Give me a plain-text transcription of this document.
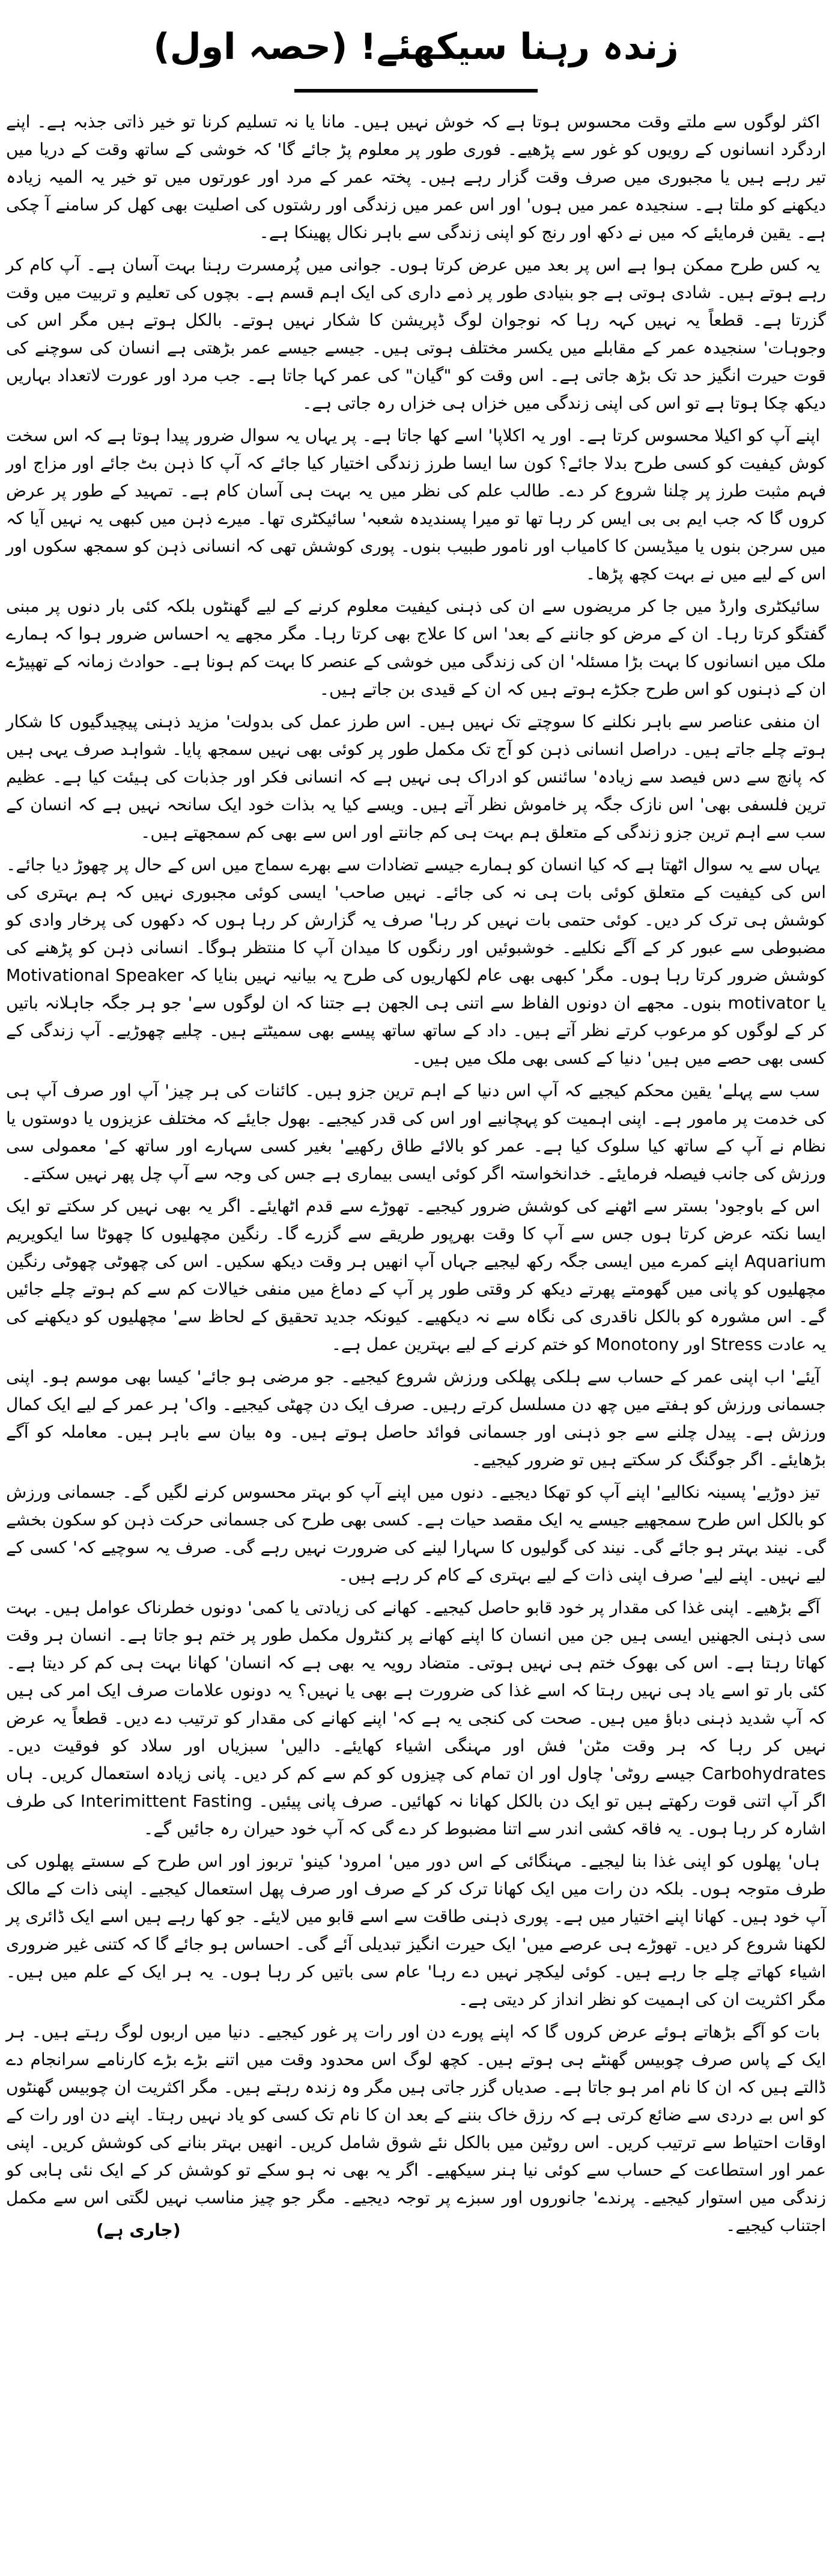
زندہ رہنا سیکھئے! (حصہ اول)

اکثر لوگوں سے ملتے وقت محسوس ہوتا ہے کہ خوش نہیں ہیں۔ مانا یا نہ تسلیم کرنا تو خیر ذاتی جذبہ ہے۔ اپنے اردگرد انسانوں کے رویوں کو غور سے پڑھیے۔ فوری طور پر معلوم پڑ جائے گا' کہ خوشی کے ساتھ وقت کے دریا میں تیر رہے ہیں یا مجبوری میں صرف وقت گزار رہے ہیں۔ پختہ عمر کے مرد اور عورتوں میں تو خیر یہ المیہ زیادہ دیکھنے کو ملتا ہے۔ سنجیدہ عمر میں ہوں' اور اس عمر میں زندگی اور رشتوں کی اصلیت بھی کھل کر سامنے آ چکی ہے۔ یقین فرمایئے کہ میں نے دکھ اور رنج کو اپنی زندگی سے باہر نکال پھینکا ہے۔

یہ کس طرح ممکن ہوا ہے اس پر بعد میں عرض کرتا ہوں۔ جوانی میں پُرمسرت رہنا بہت آسان ہے۔ آپ کام کر رہے ہوتے ہیں۔ شادی ہوتی ہے جو بنیادی طور پر ذمے داری کی ایک اہم قسم ہے۔ بچوں کی تعلیم و تربیت میں وقت گزرتا ہے۔ قطعاً یہ نہیں کہہ رہا کہ نوجوان لوگ ڈپریشن کا شکار نہیں ہوتے۔ بالکل ہوتے ہیں مگر اس کی وجوہات' سنجیدہ عمر کے مقابلے میں یکسر مختلف ہوتی ہیں۔ جیسے جیسے عمر بڑھتی ہے انسان کی سوچنے کی قوت حیرت انگیز حد تک بڑھ جاتی ہے۔ اس وقت کو "گیان" کی عمر کہا جاتا ہے۔ جب مرد اور عورت لاتعداد بہاریں دیکھ چکا ہوتا ہے تو اس کی اپنی زندگی میں خزاں ہی خزاں رہ جاتی ہے۔

اپنے آپ کو اکیلا محسوس کرتا ہے۔ اور یہ اکلاپا' اسے کھا جاتا ہے۔ پر یہاں یہ سوال ضرور پیدا ہوتا ہے کہ اس سخت کوش کیفیت کو کسی طرح بدلا جائے؟ کون سا ایسا طرز زندگی اختیار کیا جائے کہ آپ کا ذہن بٹ جائے اور مزاج اور فہم مثبت طرز پر چلنا شروع کر دے۔ طالب علم کی نظر میں یہ بہت ہی آسان کام ہے۔ تمہید کے طور پر عرض کروں گا کہ جب ایم بی بی ایس کر رہا تھا تو میرا پسندیدہ شعبہ' سائیکٹری تھا۔ میرے ذہن میں کبھی یہ نہیں آیا کہ میں سرجن بنوں یا میڈیسن کا کامیاب اور نامور طبیب بنوں۔ پوری کوشش تھی کہ انسانی ذہن کو سمجھ سکوں اور اس کے لیے میں نے بہت کچھ پڑھا۔

سائیکٹری وارڈ میں جا کر مریضوں سے ان کی ذہنی کیفیت معلوم کرنے کے لیے گھنٹوں بلکہ کئی بار دنوں پر مبنی گفتگو کرتا رہا۔ ان کے مرض کو جاننے کے بعد' اس کا علاج بھی کرتا رہا۔ مگر مجھے یہ احساس ضرور ہوا کہ ہمارے ملک میں انسانوں کا بہت بڑا مسئلہ' ان کی زندگی میں خوشی کے عنصر کا بہت کم ہونا ہے۔ حوادث زمانہ کے تھپیڑے ان کے ذہنوں کو اس طرح جکڑے ہوتے ہیں کہ ان کے قیدی بن جاتے ہیں۔

ان منفی عناصر سے باہر نکلنے کا سوچتے تک نہیں ہیں۔ اس طرز عمل کی بدولت' مزید ذہنی پیچیدگیوں کا شکار ہوتے چلے جاتے ہیں۔ دراصل انسانی ذہن کو آج تک مکمل طور پر کوئی بھی نہیں سمجھ پایا۔ شواہد صرف یہی ہیں کہ پانچ سے دس فیصد سے زیادہ' سائنس کو ادراک ہی نہیں ہے کہ انسانی فکر اور جذبات کی ہیئت کیا ہے۔ عظیم ترین فلسفی بھی' اس نازک جگہ پر خاموش نظر آتے ہیں۔ ویسے کیا یہ بذات خود ایک سانحہ نہیں ہے کہ انسان کے سب سے اہم ترین جزو زندگی کے متعلق ہم بہت ہی کم جانتے اور اس سے بھی کم سمجھتے ہیں۔

یہاں سے یہ سوال اٹھتا ہے کہ کیا انسان کو ہمارے جیسے تضادات سے بھرے سماج میں اس کے حال پر چھوڑ دیا جائے۔ اس کی کیفیت کے متعلق کوئی بات ہی نہ کی جائے۔ نہیں صاحب' ایسی کوئی مجبوری نہیں کہ ہم بہتری کی کوشش ہی ترک کر دیں۔ کوئی حتمی بات نہیں کر رہا' صرف یہ گزارش کر رہا ہوں کہ دکھوں کی پرخار وادی کو مضبوطی سے عبور کر کے آگے نکلیے۔ خوشبوئیں اور رنگوں کا میدان آپ کا منتظر ہوگا۔ انسانی ذہن کو پڑھنے کی کوشش ضرور کرتا رہا ہوں۔ مگر' کبھی بھی عام لکھاریوں کی طرح یہ بیانیہ نہیں بنایا کہ Motivational Speaker یا motivator بنوں۔ مجھے ان دونوں الفاظ سے اتنی ہی الجھن ہے جتنا کہ ان لوگوں سے' جو ہر جگہ جاہلانہ باتیں کر کے لوگوں کو مرعوب کرتے نظر آتے ہیں۔ داد کے ساتھ ساتھ پیسے بھی سمیٹتے ہیں۔ چلیے چھوڑیے۔ آپ زندگی کے کسی بھی حصے میں ہیں' دنیا کے کسی بھی ملک میں ہیں۔

سب سے پہلے' یقین محکم کیجیے کہ آپ اس دنیا کے اہم ترین جزو ہیں۔ کائنات کی ہر چیز' آپ اور صرف آپ ہی کی خدمت پر مامور ہے۔ اپنی اہمیت کو پہچانیے اور اس کی قدر کیجیے۔ بھول جایئے کہ مختلف عزیزوں یا دوستوں یا نظام نے آپ کے ساتھ کیا سلوک کیا ہے۔ عمر کو بالائے طاق رکھیے' بغیر کسی سہارے اور ساتھ کے' معمولی سی ورزش کی جانب فیصلہ فرمایئے۔ خدانخواستہ اگر کوئی ایسی بیماری ہے جس کی وجہ سے آپ چل پھر نہیں سکتے۔

اس کے باوجود' بستر سے اٹھنے کی کوشش ضرور کیجیے۔ تھوڑے سے قدم اٹھایئے۔ اگر یہ بھی نہیں کر سکتے تو ایک ایسا نکتہ عرض کرتا ہوں جس سے آپ کا وقت بھرپور طریقے سے گزرے گا۔ رنگین مچھلیوں کا چھوٹا سا ایکویریم Aquarium اپنے کمرے میں ایسی جگہ رکھ لیجیے جہاں آپ انھیں ہر وقت دیکھ سکیں۔ اس کی چھوٹی چھوٹی رنگین مچھلیوں کو پانی میں گھومتے پھرتے دیکھ کر وقتی طور پر آپ کے دماغ میں منفی خیالات کم سے کم ہوتے چلے جائیں گے۔ اس مشورہ کو بالکل ناقدری کی نگاہ سے نہ دیکھیے۔ کیونکہ جدید تحقیق کے لحاظ سے' مچھلیوں کو دیکھنے کی یہ عادت Stress اور Monotony کو ختم کرنے کے لیے بہترین عمل ہے۔

آیئے' اب اپنی عمر کے حساب سے ہلکی پھلکی ورزش شروع کیجیے۔ جو مرضی ہو جائے' کیسا بھی موسم ہو۔ اپنی جسمانی ورزش کو ہفتے میں چھ دن مسلسل کرتے رہیں۔ صرف ایک دن چھٹی کیجیے۔ واک' ہر عمر کے لیے ایک کمال ورزش ہے۔ پیدل چلنے سے جو ذہنی اور جسمانی فوائد حاصل ہوتے ہیں۔ وہ بیان سے باہر ہیں۔ معاملہ کو آگے بڑھایئے۔ اگر جوگنگ کر سکتے ہیں تو ضرور کیجیے۔

تیز دوڑیے' پسینہ نکالیے' اپنے آپ کو تھکا دیجیے۔ دنوں میں اپنے آپ کو بہتر محسوس کرنے لگیں گے۔ جسمانی ورزش کو بالکل اس طرح سمجھیے جیسے یہ ایک مقصد حیات ہے۔ کسی بھی طرح کی جسمانی حرکت ذہن کو سکون بخشے گی۔ نیند بہتر ہو جائے گی۔ نیند کی گولیوں کا سہارا لینے کی ضرورت نہیں رہے گی۔ صرف یہ سوچیے کہ' کسی کے لیے نہیں۔ اپنے لیے' صرف اپنی ذات کے لیے بہتری کے کام کر رہے ہیں۔

آگے بڑھیے۔ اپنی غذا کی مقدار پر خود قابو حاصل کیجیے۔ کھانے کی زیادتی یا کمی' دونوں خطرناک عوامل ہیں۔ بہت سی ذہنی الجھنیں ایسی ہیں جن میں انسان کا اپنے کھانے پر کنٹرول مکمل طور پر ختم ہو جاتا ہے۔ انسان ہر وقت کھاتا رہتا ہے۔ اس کی بھوک ختم ہی نہیں ہوتی۔ متضاد رویہ یہ بھی ہے کہ انسان' کھانا بہت ہی کم کر دیتا ہے۔ کئی بار تو اسے یاد ہی نہیں رہتا کہ اسے غذا کی ضرورت ہے بھی یا نہیں؟ یہ دونوں علامات صرف ایک امر کی ہیں کہ آپ شدید ذہنی دباؤ میں ہیں۔ صحت کی کنجی یہ ہے کہ' اپنے کھانے کی مقدار کو ترتیب دے دیں۔ قطعاً یہ عرض نہیں کر رہا کہ ہر وقت مٹن' فش اور مہنگی اشیاء کھایئے۔ دالیں' سبزیاں اور سلاد کو فوقیت دیں۔ Carbohydrates جیسے روٹی' چاول اور ان تمام کی چیزوں کو کم سے کم کر دیں۔ پانی زیادہ استعمال کریں۔ ہاں اگر آپ اتنی قوت رکھتے ہیں تو ایک دن بالکل کھانا نہ کھائیں۔ صرف پانی پیئیں۔ Interimittent Fasting کی طرف اشارہ کر رہا ہوں۔ یہ فاقہ کشی اندر سے اتنا مضبوط کر دے گی کہ آپ خود حیران رہ جائیں گے۔

ہاں' پھلوں کو اپنی غذا بنا لیجیے۔ مہنگائی کے اس دور میں' امرود' کینو' تربوز اور اس طرح کے سستے پھلوں کی طرف متوجہ ہوں۔ بلکہ دن رات میں ایک کھانا ترک کر کے صرف اور صرف پھل استعمال کیجیے۔ اپنی ذات کے مالک آپ خود ہیں۔ کھانا اپنے اختیار میں ہے۔ پوری ذہنی طاقت سے اسے قابو میں لایئے۔ جو کھا رہے ہیں اسے ایک ڈائری پر لکھنا شروع کر دیں۔ تھوڑے ہی عرصے میں' ایک حیرت انگیز تبدیلی آئے گی۔ احساس ہو جائے گا کہ کتنی غیر ضروری اشیاء کھاتے چلے جا رہے ہیں۔ کوئی لیکچر نہیں دے رہا' عام سی باتیں کر رہا ہوں۔ یہ ہر ایک کے علم میں ہیں۔ مگر اکثریت ان کی اہمیت کو نظر انداز کر دیتی ہے۔

بات کو آگے بڑھاتے ہوئے عرض کروں گا کہ اپنے پورے دن اور رات پر غور کیجیے۔ دنیا میں اربوں لوگ رہتے ہیں۔ ہر ایک کے پاس صرف چوبیس گھنٹے ہی ہوتے ہیں۔ کچھ لوگ اس محدود وقت میں اتنے بڑے بڑے کارنامے سرانجام دے ڈالتے ہیں کہ ان کا نام امر ہو جاتا ہے۔ صدیاں گزر جاتی ہیں مگر وہ زندہ رہتے ہیں۔ مگر اکثریت ان چوبیس گھنٹوں کو اس بے دردی سے ضائع کرتی ہے کہ رزق خاک بننے کے بعد ان کا نام تک کسی کو یاد نہیں رہتا۔ اپنے دن اور رات کے اوقات احتیاط سے ترتیب کریں۔ اس روٹین میں بالکل نئے شوق شامل کریں۔ انھیں بہتر بنانے کی کوشش کریں۔ اپنی عمر اور استطاعت کے حساب سے کوئی نیا ہنر سیکھیے۔ اگر یہ بھی نہ ہو سکے تو کوشش کر کے ایک نئی ہابی کو زندگی میں استوار کیجیے۔ پرندے' جانوروں اور سبزے پر توجہ دیجیے۔ مگر جو چیز مناسب نہیں لگتی اس سے مکمل اجتناب کیجیے۔

(جاری ہے)
